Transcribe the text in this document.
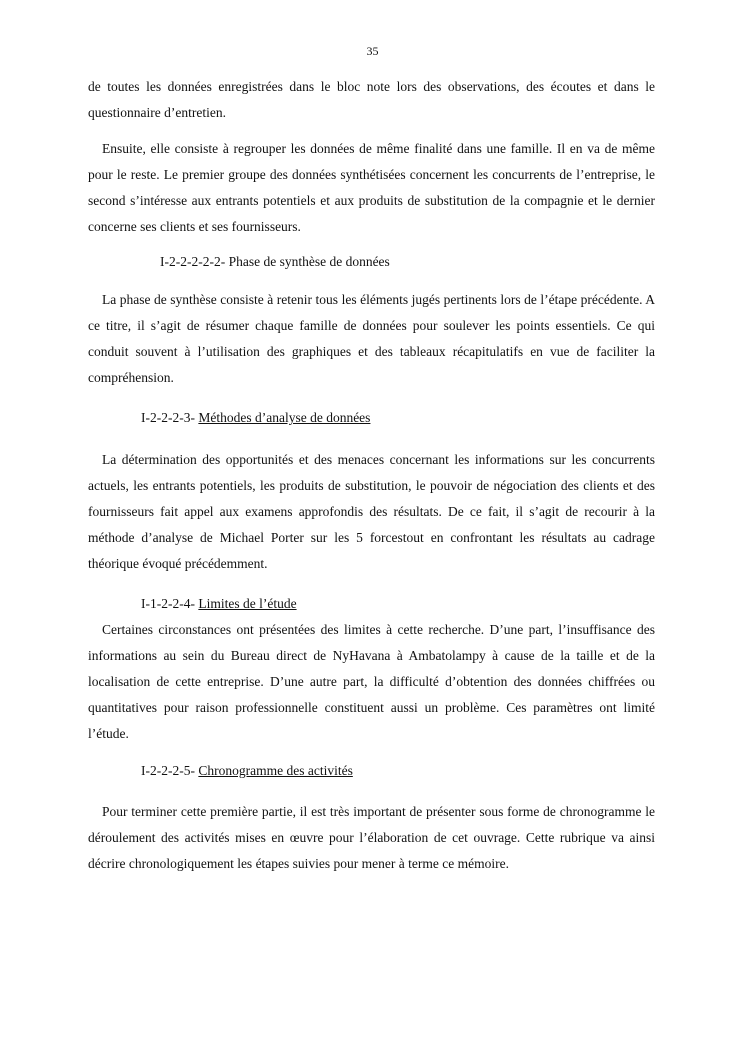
35

de toutes les données enregistrées dans le bloc note lors des observations, des écoutes et dans le questionnaire d’entretien.

Ensuite, elle consiste à regrouper les données de même finalité dans une famille. Il en va de même pour le reste. Le premier groupe des données synthétisées concernent les concurrents de l’entreprise, le second s’intéresse aux entrants potentiels et aux produits de substitution de la compagnie et le dernier concerne ses clients et ses fournisseurs.

I-2-2-2-2-2- Phase de synthèse de données

La phase de synthèse consiste à retenir tous les éléments jugés pertinents lors de l’étape précédente. A ce titre, il s’agit de résumer chaque famille de données pour soulever les points essentiels. Ce qui conduit souvent à l’utilisation des graphiques et des tableaux récapitulatifs en vue de faciliter la compréhension.

I-2-2-2-3- Méthodes d’analyse de données

La détermination des opportunités et des menaces concernant les informations sur les concurrents actuels, les entrants potentiels, les produits de substitution, le pouvoir de négociation des clients et des fournisseurs fait appel aux examens approfondis des résultats. De ce fait, il s’agit de recourir à la méthode d’analyse de Michael Porter sur les 5 forcestout en confrontant les résultats au cadrage théorique évoqué précédemment.

I-1-2-2-4- Limites de l’étude

Certaines circonstances ont présentées des limites à cette recherche. D’une part, l’insuffisance des informations au sein du Bureau direct de NyHavana à Ambatolampy à cause de la taille et de la localisation de cette entreprise. D’une autre part, la difficulté d’obtention des données chiffrées ou quantitatives pour raison professionnelle constituent aussi un problème. Ces paramètres ont limité l’étude.

I-2-2-2-5- Chronogramme des activités

Pour terminer cette première partie, il est très important de présenter sous forme de chronogramme le déroulement des activités mises en œuvre pour l’élaboration de cet ouvrage. Cette rubrique va ainsi décrire chronologiquement les étapes suivies pour mener à terme ce mémoire.
